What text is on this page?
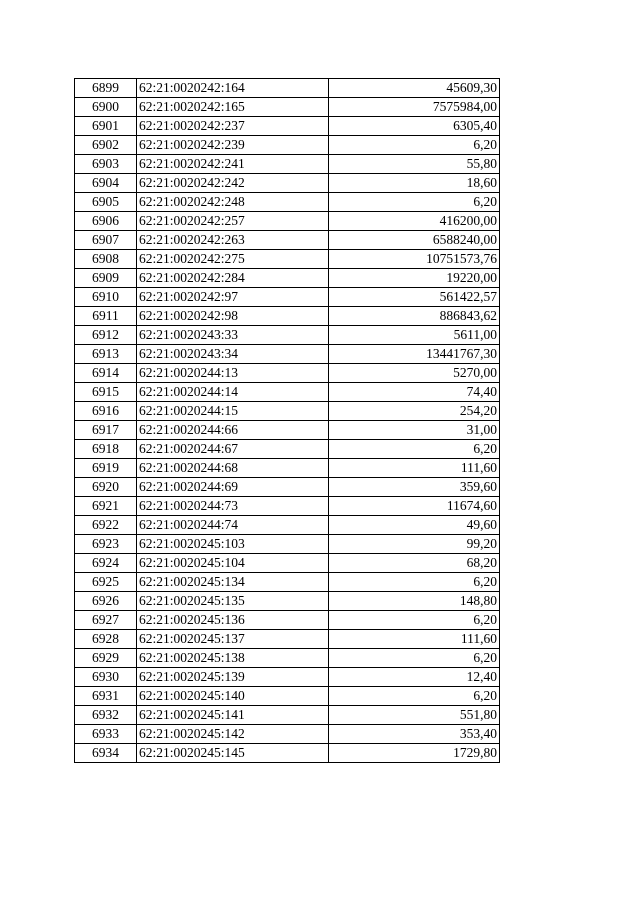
6899	62:21:0020242:164	45609,30
6900	62:21:0020242:165	7575984,00
6901	62:21:0020242:237	6305,40
6902	62:21:0020242:239	6,20
6903	62:21:0020242:241	55,80
6904	62:21:0020242:242	18,60
6905	62:21:0020242:248	6,20
6906	62:21:0020242:257	416200,00
6907	62:21:0020242:263	6588240,00
6908	62:21:0020242:275	10751573,76
6909	62:21:0020242:284	19220,00
6910	62:21:0020242:97	561422,57
6911	62:21:0020242:98	886843,62
6912	62:21:0020243:33	5611,00
6913	62:21:0020243:34	13441767,30
6914	62:21:0020244:13	5270,00
6915	62:21:0020244:14	74,40
6916	62:21:0020244:15	254,20
6917	62:21:0020244:66	31,00
6918	62:21:0020244:67	6,20
6919	62:21:0020244:68	111,60
6920	62:21:0020244:69	359,60
6921	62:21:0020244:73	11674,60
6922	62:21:0020244:74	49,60
6923	62:21:0020245:103	99,20
6924	62:21:0020245:104	68,20
6925	62:21:0020245:134	6,20
6926	62:21:0020245:135	148,80
6927	62:21:0020245:136	6,20
6928	62:21:0020245:137	111,60
6929	62:21:0020245:138	6,20
6930	62:21:0020245:139	12,40
6931	62:21:0020245:140	6,20
6932	62:21:0020245:141	551,80
6933	62:21:0020245:142	353,40
6934	62:21:0020245:145	1729,80
